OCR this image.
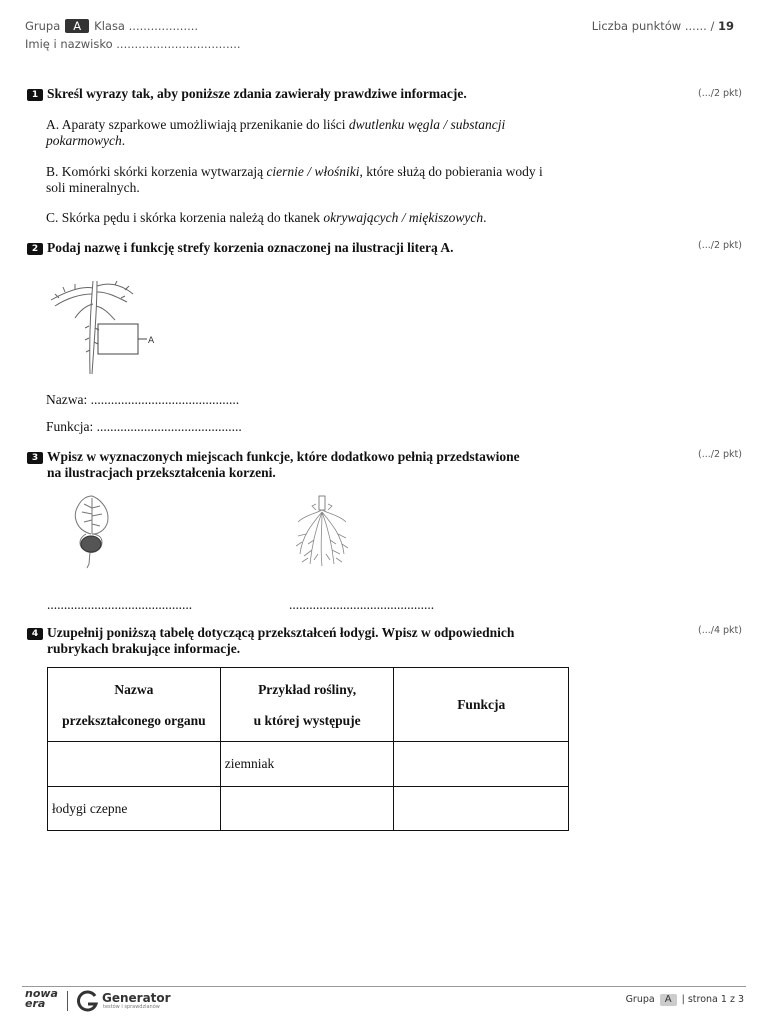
Grupa A Klasa ...................
Imię i nazwisko ..................................
Liczba punktów ...... / 19
1 Skreśl wyrazy tak, aby poniższe zdania zawierały prawdziwe informacje.	(.../2 pkt)
A. Aparaty szparkowe umożliwiają przenikanie do liści dwutlenku węgla / substancji pokarmowych.
B. Komórki skórki korzenia wytwarzają ciernie / włośniki, które służą do pobierania wody i soli mineralnych.
C. Skórka pędu i skórka korzenia należą do tkanek okrywających / miękiszowych.
2 Podaj nazwę i funkcję strefy korzenia oznaczonej na ilustracji literą A.	(.../2 pkt)
A
Nazwa: ............................................
Funkcja: ...........................................
3 Wpisz w wyznaczonych miejscach funkcje, które dodatkowo pełnią przedstawione
na ilustracjach przekształcenia korzeni.
(.../2 pkt)
...........................................	...........................................
4 Uzupełnij poniższą tabelę dotyczącą przekształceń łodygi. Wpisz w odpowiednich
rubrykach brakujące informacje.
(.../4 pkt)
Nazwa
przekształconego organu	Przykład rośliny,
u której występuje	Funkcja
	ziemniak	
łodygi czepne		
nowa
era	Generator
testów i sprawdzianów
Grupa A | strona 1 z 3
